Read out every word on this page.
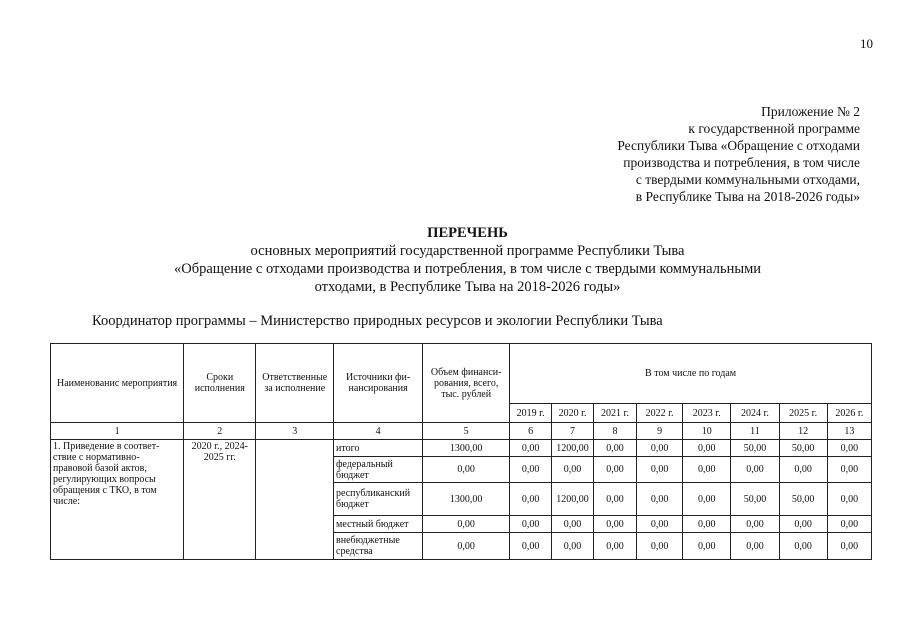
10
Приложение № 2
к государственной программе
Республики Тыва «Обращение с отходами
производства и потребления, в том числе
с твердыми коммунальными отходами,
в Республике Тыва на 2018-2026 годы»
ПЕРЕЧЕНЬ
основных мероприятий государственной программе Республики Тыва
«Обращение с отходами производства и потребления, в том числе с твердыми коммунальными
отходами, в Республике Тыва на 2018-2026 годы»
Координатор программы – Министерство природных ресурсов и экологии Республики Тыва
Наименованис мероприятия	Сроки исполнения	Ответственные за исполнение	Источники фи- нансирования	Объем финанси- рования, всего, тыс. рублей	В том числе по годам							
					2019 г.	2020 г.	2021 г.	2022 г.	2023 г.	2024 г.	2025 г.	2026 г.
1	2	3	4	5	6	7	8	9	10	11	12	13
1. Приведение в соответ- ствие с нормативно- правовой базой актов, регулирующих вопросы обращения с ТКО, в том числе:	2020 г., 2024-2025 гг.		итого	1300,00	0,00	1200,00	0,00	0,00	0,00	50,00	50,00	0,00
			федеральный бюджет	0,00	0,00	0,00	0,00	0,00	0,00	0,00	0,00	0,00
			республиканский бюджет	1300,00	0,00	1200,00	0,00	0,00	0,00	50,00	50,00	0,00
			местный бюджет	0,00	0,00	0,00	0,00	0,00	0,00	0,00	0,00	0,00
			внебюджетные средства	0,00	0,00	0,00	0,00	0,00	0,00	0,00	0,00	0,00
